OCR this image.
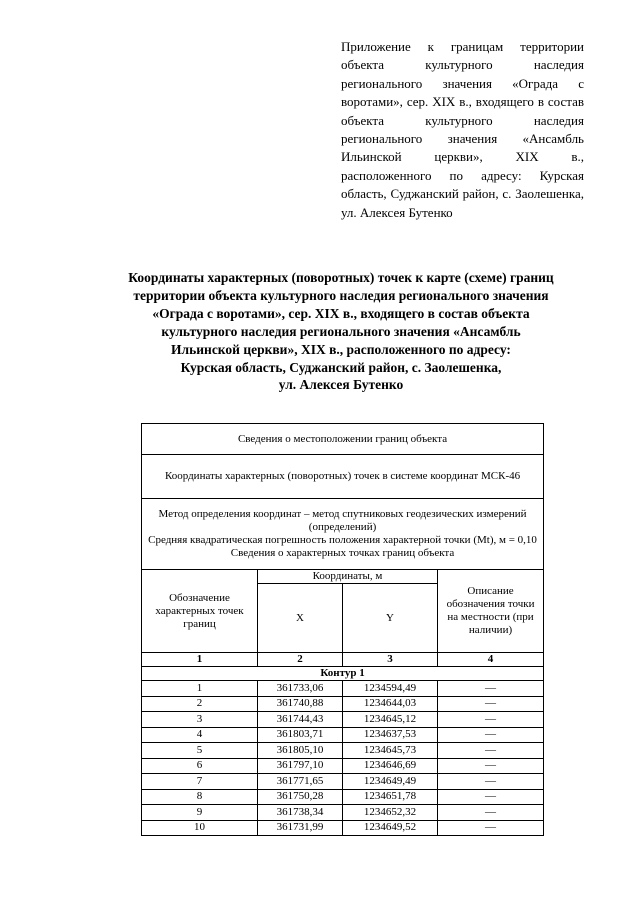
Приложение к границам территории объекта культурного наследия регионального значения «Ограда с воротами», сер. XIX в., входящего в состав объекта культурного наследия регионального значения «Ансамбль Ильинской церкви», XIX в., расположенного по адресу: Курская область, Суджанский район, с. Заолешенка, ул. Алексея Бутенко
Координаты характерных (поворотных) точек к карте (схеме) границ
территории объекта культурного наследия регионального значения
«Ограда с воротами», сер. XIX в., входящего в состав объекта
культурного наследия регионального значения «Ансамбль
Ильинской церкви», XIX в., расположенного по адресу:
Курская область, Суджанский район, с. Заолешенка,
ул. Алексея Бутенко
Сведения о местоположении границ объекта			
Координаты характерных (поворотных) точек в системе координат МСК-46			

Метод определения координат – метод спутниковых геодезических измерений (определений)
Средняя квадратическая погрешность положения характерной точки (Mt), м = 0,10
Сведения о характерных точках границ объекта			

Обозначение характерных точек границ	Координаты, м		Описание обозначения точки на местности (при наличии)
	X	Y	
1	2	3	4
Контур 1			
1	361733,06	1234594,49	—
2	361740,88	1234644,03	—
3	361744,43	1234645,12	—
4	361803,71	1234637,53	—
5	361805,10	1234645,73	—
6	361797,10	1234646,69	—
7	361771,65	1234649,49	—
8	361750,28	1234651,78	—
9	361738,34	1234652,32	—
10	361731,99	1234649,52	—
